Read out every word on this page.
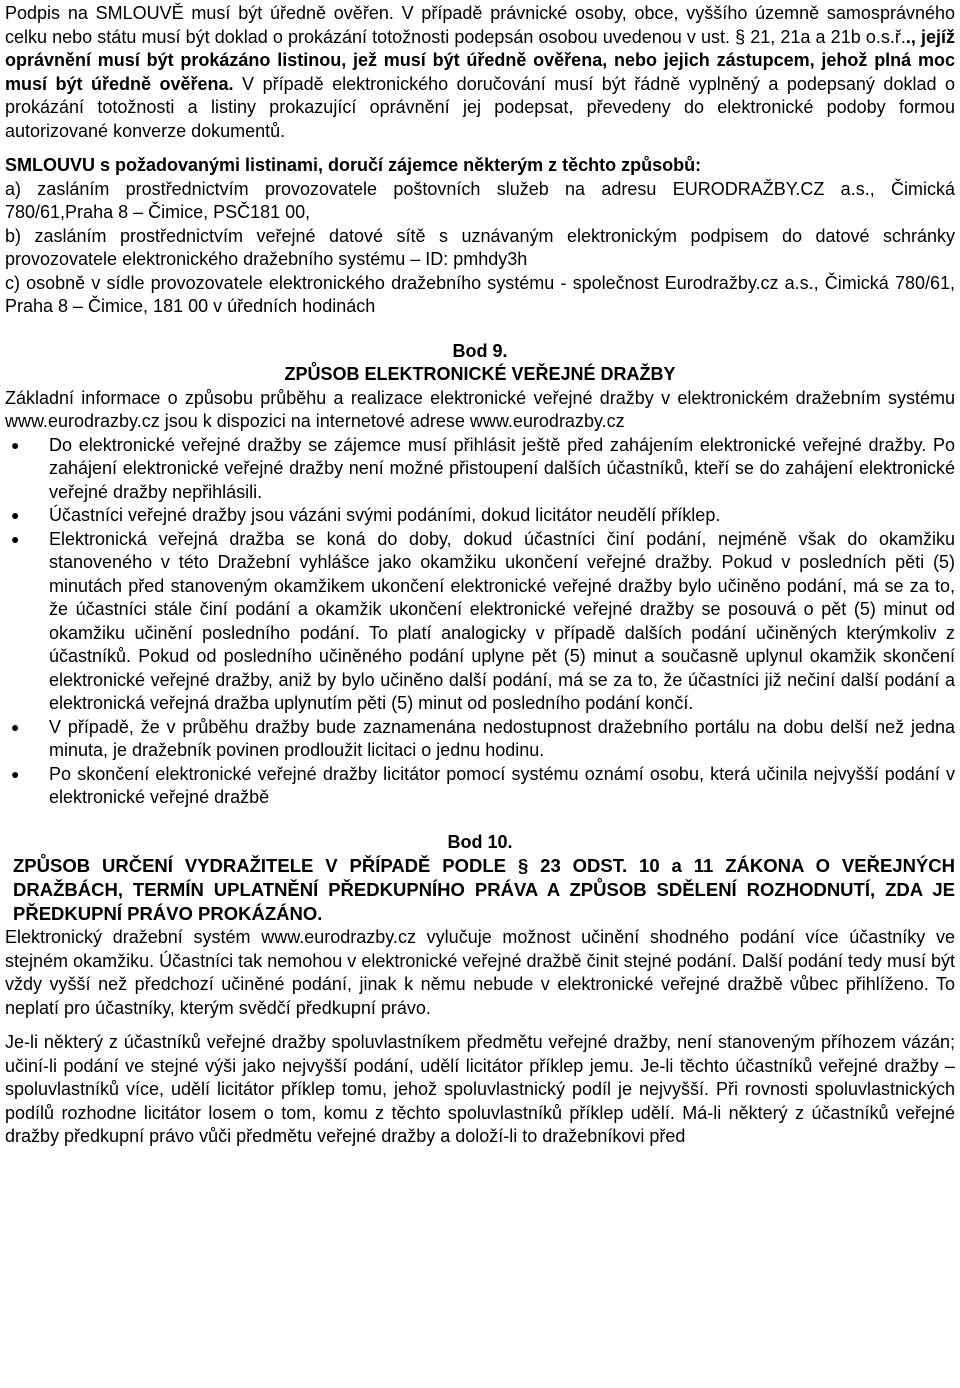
Podpis na SMLOUVĚ musí být úředně ověřen. V případě právnické osoby, obce, vyššího územně samosprávného celku nebo státu musí být doklad o prokázání totožnosti podepsán osobou uvedenou v ust. § 21, 21a a 21b o.s.ř.., jejíž oprávnění musí být prokázáno listinou, jež musí být úředně ověřena, nebo jejich zástupcem, jehož plná moc musí být úředně ověřena. V případě elektronického doručování musí být řádně vyplněný a podepsaný doklad o prokázání totožnosti a listiny prokazující oprávnění jej podepsat, převedeny do elektronické podoby formou autorizované konverze dokumentů.

SMLOUVU s požadovanými listinami, doručí zájemce některým z těchto způsobů:

a) zasláním prostřednictvím provozovatele poštovních služeb na adresu EURODRAŽBY.CZ a.s., Čimická 780/61,Praha 8 – Čimice, PSČ181 00,

b) zasláním prostřednictvím veřejné datové sítě s uznávaným elektronickým podpisem do datové schránky provozovatele elektronického dražebního systému – ID: pmhdy3h

c) osobně v sídle provozovatele elektronického dražebního systému - společnost Eurodražby.cz a.s., Čimická 780/61, Praha 8 – Čimice, 181 00 v úředních hodinách

Bod 9.

ZPŮSOB ELEKTRONICKÉ VEŘEJNÉ DRAŽBY

Základní informace o způsobu průběhu a realizace elektronické veřejné dražby v elektronickém dražebním systému www.eurodrazby.cz jsou k dispozici na internetové adrese www.eurodrazby.cz

● Do elektronické veřejné dražby se zájemce musí přihlásit ještě před zahájením elektronické veřejné dražby. Po zahájení elektronické veřejné dražby není možné přistoupení dalších účastníků, kteří se do zahájení elektronické veřejné dražby nepřihlásili.
● Účastníci veřejné dražby jsou vázáni svými podáními, dokud licitátor neudělí příklep.
● Elektronická veřejná dražba se koná do doby, dokud účastníci činí podání, nejméně však do okamžiku stanoveného v této Dražební vyhlášce jako okamžiku ukončení veřejné dražby. Pokud v posledních pěti (5) minutách před stanoveným okamžikem ukončení elektronické veřejné dražby bylo učiněno podání, má se za to, že účastníci stále činí podání a okamžik ukončení elektronické veřejné dražby se posouvá o pět (5) minut od okamžiku učinění posledního podání. To platí analogicky v případě dalších podání učiněných kterýmkoliv z účastníků. Pokud od posledního učiněného podání uplyne pět (5) minut a současně uplynul okamžik skončení elektronické veřejné dražby, aniž by bylo učiněno další podání, má se za to, že účastníci již nečiní další podání a elektronická veřejná dražba uplynutím pěti (5) minut od posledního podání končí.
● V případě, že v průběhu dražby bude zaznamenána nedostupnost dražebního portálu na dobu delší než jedna minuta, je dražebník povinen prodloužit licitaci o jednu hodinu.
● Po skončení elektronické veřejné dražby licitátor pomocí systému oznámí osobu, která učinila nejvyšší podání v elektronické veřejné dražbě

Bod 10.

ZPŮSOB URČENÍ VYDRAŽITELE V PŘÍPADĚ PODLE § 23 ODST. 10 a 11 ZÁKONA O VEŘEJNÝCH DRAŽBÁCH, TERMÍN UPLATNĚNÍ PŘEDKUPNÍHO PRÁVA A ZPŮSOB SDĚLENÍ ROZHODNUTÍ, ZDA JE PŘEDKUPNÍ PRÁVO PROKÁZÁNO.

Elektronický dražební systém www.eurodrazby.cz vylučuje možnost učinění shodného podání více účastníky ve stejném okamžiku. Účastníci tak nemohou v elektronické veřejné dražbě činit stejné podání. Další podání tedy musí být vždy vyšší než předchozí učiněné podání, jinak k němu nebude v elektronické veřejné dražbě vůbec přihlíženo. To neplatí pro účastníky, kterým svědčí předkupní právo.

Je-li některý z účastníků veřejné dražby spoluvlastníkem předmětu veřejné dražby, není stanoveným příhozem vázán; učiní-li podání ve stejné výši jako nejvyšší podání, udělí licitátor příklep jemu. Je-li těchto účastníků veřejné dražby – spoluvlastníků více, udělí licitátor příklep tomu, jehož spoluvlastnický podíl je nejvyšší. Při rovnosti spoluvlastnických podílů rozhodne licitátor losem o tom, komu z těchto spoluvlastníků příklep udělí. Má-li některý z účastníků veřejné dražby předkupní právo vůči předmětu veřejné dražby a doloží-li to dražebníkovi před
